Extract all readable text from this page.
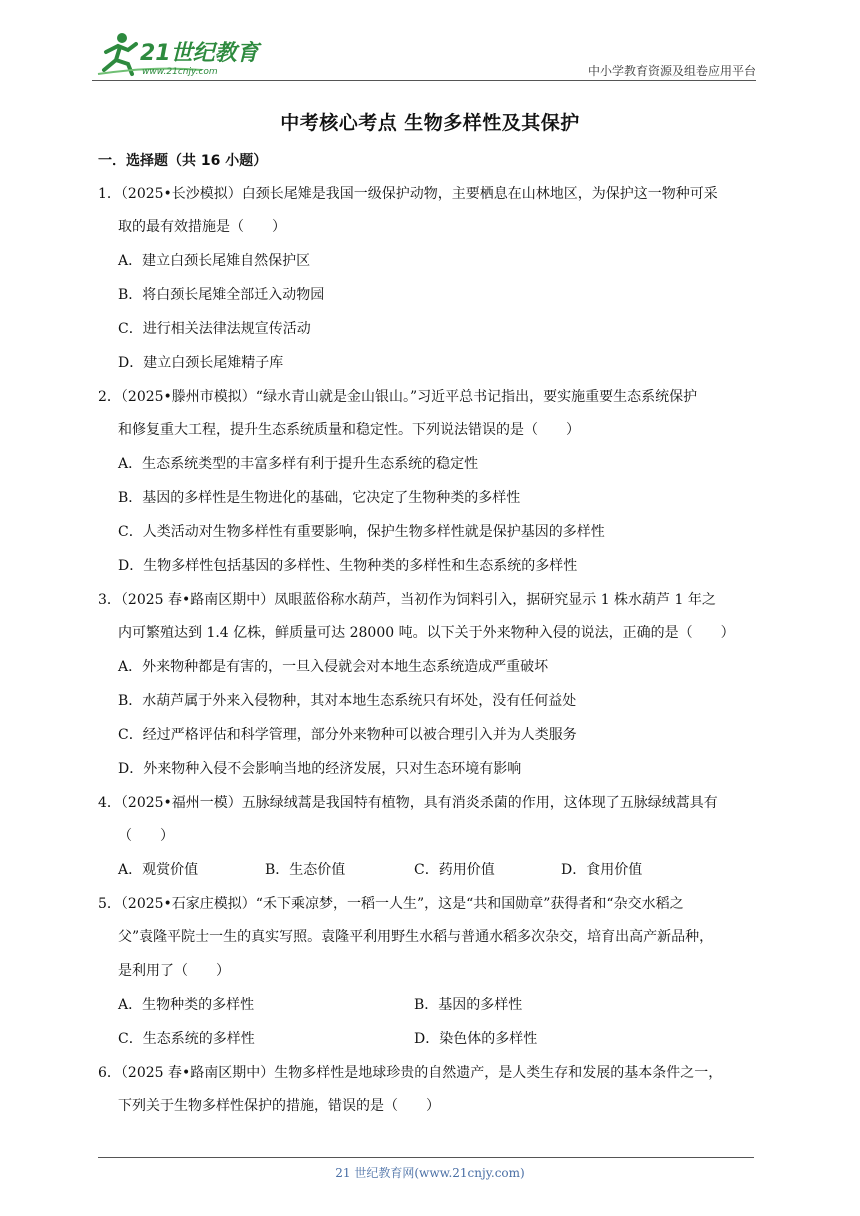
21世纪教育
www.21cnjy.com	中小学教育资源及组卷应用平台
中考核心考点 生物多样性及其保护
一．选择题（共 16 小题）
1．（2025•长沙模拟）白颈长尾雉是我国一级保护动物，主要栖息在山林地区，为保护这一物种可采
取的最有效措施是（　　）
A．建立白颈长尾雉自然保护区
B．将白颈长尾雉全部迁入动物园
C．进行相关法律法规宣传活动
D．建立白颈长尾雉精子库
2．（2025•滕州市模拟）“绿水青山就是金山银山。”习近平总书记指出，要实施重要生态系统保护
和修复重大工程，提升生态系统质量和稳定性。下列说法错误的是（　　）
A．生态系统类型的丰富多样有利于提升生态系统的稳定性
B．基因的多样性是生物进化的基础，它决定了生物种类的多样性
C．人类活动对生物多样性有重要影响，保护生物多样性就是保护基因的多样性
D．生物多样性包括基因的多样性、生物种类的多样性和生态系统的多样性
3．（2025 春•路南区期中）凤眼蓝俗称水葫芦，当初作为饲料引入，据研究显示 1 株水葫芦 1 年之
内可繁殖达到 1.4 亿株，鲜质量可达 28000 吨。以下关于外来物种入侵的说法，正确的是（　　）
A．外来物种都是有害的，一旦入侵就会对本地生态系统造成严重破坏
B．水葫芦属于外来入侵物种，其对本地生态系统只有坏处，没有任何益处
C．经过严格评估和科学管理，部分外来物种可以被合理引入并为人类服务
D．外来物种入侵不会影响当地的经济发展，只对生态环境有影响
4．（2025•福州一模）五脉绿绒蒿是我国特有植物，具有消炎杀菌的作用，这体现了五脉绿绒蒿具有
（　　）
A．观赏价值	B．生态价值	C．药用价值	D．食用价值
5．（2025•石家庄模拟）“禾下乘凉梦，一稻一人生”，这是“共和国勋章”获得者和“杂交水稻之
父”袁隆平院士一生的真实写照。袁隆平利用野生水稻与普通水稻多次杂交，培育出高产新品种，
是利用了（　　）
A．生物种类的多样性	B．基因的多样性
C．生态系统的多样性	D．染色体的多样性
6．（2025 春•路南区期中）生物多样性是地球珍贵的自然遗产，是人类生存和发展的基本条件之一，
下列关于生物多样性保护的措施，错误的是（　　）
21 世纪教育网(www.21cnjy.com)
